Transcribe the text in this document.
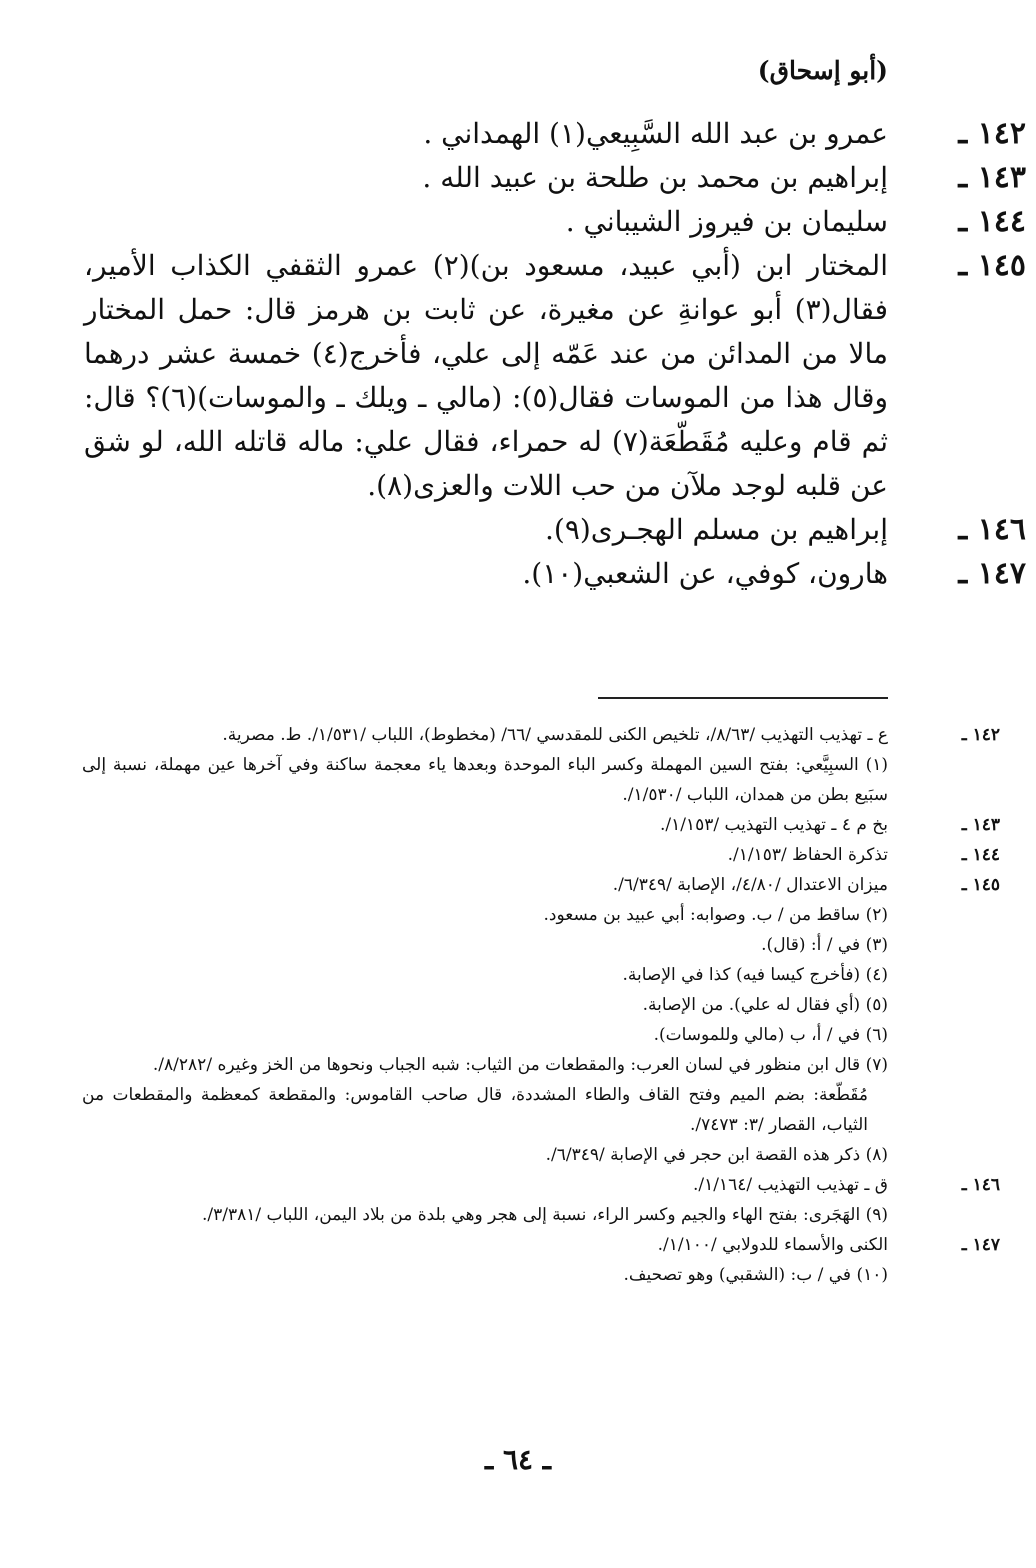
(أبو إسحاق)
١٤٢ ـ
عمرو بن عبد الله السَّبِيعي(١) الهمداني .
١٤٣ ـ
إبراهيم بن محمد بن طلحة بن عبيد الله .
١٤٤ ـ
سليمان بن فيروز الشيباني .
١٤٥ ـ
المختار ابن (أبي عبيد، مسعود بن)(٢) عمرو الثقفي الكذاب الأمير، فقال(٣) أبو عوانةِ عن مغيرة، عن ثابت بن هرمز قال: حمل المختار مالا من المدائن من عند عَمّه إلى علي، فأخرج(٤) خمسة عشر درهما وقال هذا من الموسات فقال(٥): (مالي ـ ويلك ـ والموسات)(٦)؟ قال: ثم قام وعليه مُقَطّعَة(٧) له حمراء، فقال علي: ماله قاتله الله، لو شق عن قلبه لوجد ملآن من حب اللات والعزى(٨).
١٤٦ ـ
إبراهيم بن مسلم الهجـرى(٩).
١٤٧ ـ
هارون، كوفي، عن الشعبي(١٠).
١٤٢ ـ
ع ـ تهذيب التهذيب /٨/٦٣/، تلخيص الكنى للمقدسي /٦٦/ (مخطوط)، اللباب /١/٥٣١/. ط. مصرية.
(١) السبِيَّعي: بفتح السين المهملة وكسر الباء الموحدة وبعدها ياء معجمة ساكنة وفي آخرها عين مهملة، نسبة إلى سبَيع بطن من همدان، اللباب /١/٥٣٠/.
١٤٣ ـ
بخ م ٤ ـ تهذيب التهذيب /١/١٥٣/.
١٤٤ ـ
تذكرة الحفاظ /١/١٥٣/.
١٤٥ ـ
ميزان الاعتدال /٤/٨٠/، الإصابة /٦/٣٤٩/.
(٢) ساقط من / ب. وصوابه: أبي عبيد بن مسعود.
(٣) في / أ: (قال).
(٤) (فأخرج كيسا فيه) كذا في الإصابة.
(٥) (أي فقال له علي). من الإصابة.
(٦) في / أ، ب (مالي وللموسات).
(٧) قال ابن منظور في لسان العرب: والمقطعات من الثياب: شبه الجباب ونحوها من الخز وغيره /٨/٢٨٢/.
مُقَطّعة: بضم الميم وفتح القاف والطاء المشددة، قال صاحب القاموس: والمقطعة كمعظمة والمقطعات من الثياب، القصار /٣: ٧٤٧٣/.
(٨) ذكر هذه القصة ابن حجر في الإصابة /٦/٣٤٩/.
١٤٦ ـ
ق ـ تهذيب التهذيب /١/١٦٤/.
(٩) الهَجَرى: بفتح الهاء والجيم وكسر الراء، نسبة إلى هجر وهي بلدة من بلاد اليمن، اللباب /٣/٣٨١/.
١٤٧ ـ
الكنى والأسماء للدولابي /١/١٠٠/.
(١٠) في / ب: (الشقبي) وهو تصحيف.
ـ ٦٤ ـ
